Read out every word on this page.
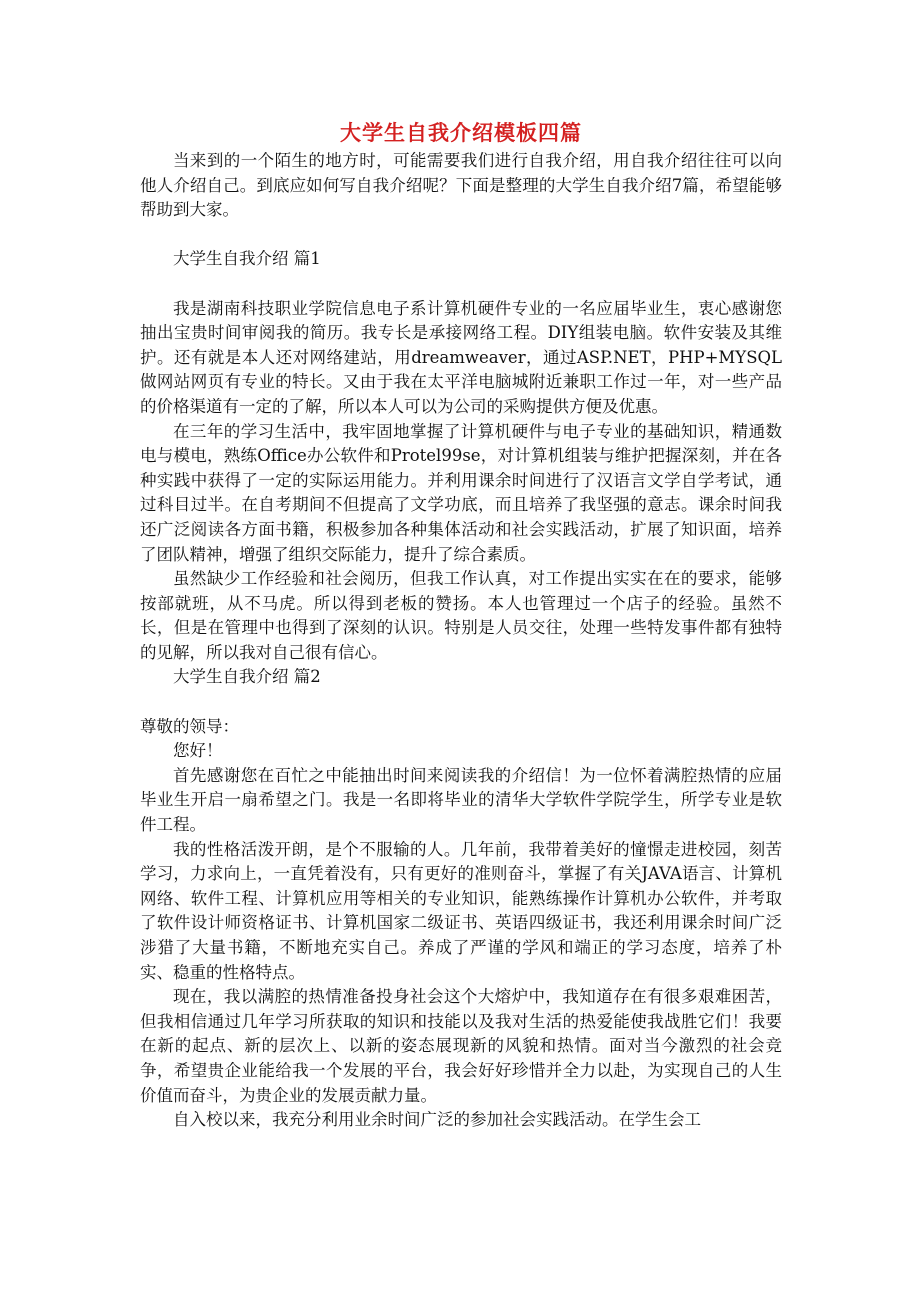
大学生自我介绍模板四篇

当来到的一个陌生的地方时，可能需要我们进行自我介绍，用自我介绍往往可以向他人介绍自己。到底应如何写自我介绍呢？下面是整理的大学生自我介绍7篇，希望能够帮助到大家。

大学生自我介绍 篇1

我是湖南科技职业学院信息电子系计算机硬件专业的一名应届毕业生，衷心感谢您抽出宝贵时间审阅我的简历。我专长是承接网络工程。DIY组装电脑。软件安装及其维护。还有就是本人还对网络建站，用dreamweaver，通过ASP.NET，PHP+MYSQL做网站网页有专业的特长。又由于我在太平洋电脑城附近兼职工作过一年，对一些产品的价格渠道有一定的了解，所以本人可以为公司的采购提供方便及优惠。

在三年的学习生活中，我牢固地掌握了计算机硬件与电子专业的基础知识，精通数电与模电，熟练Office办公软件和Protel99se，对计算机组装与维护把握深刻，并在各种实践中获得了一定的实际运用能力。并利用课余时间进行了汉语言文学自学考试，通过科目过半。在自考期间不但提高了文学功底，而且培养了我坚强的意志。课余时间我还广泛阅读各方面书籍，积极参加各种集体活动和社会实践活动，扩展了知识面，培养了团队精神，增强了组织交际能力，提升了综合素质。

虽然缺少工作经验和社会阅历，但我工作认真，对工作提出实实在在的要求，能够按部就班，从不马虎。所以得到老板的赞扬。本人也管理过一个店子的经验。虽然不长，但是在管理中也得到了深刻的认识。特别是人员交往，处理一些特发事件都有独特的见解，所以我对自己很有信心。

大学生自我介绍 篇2

尊敬的领导：

您好！

首先感谢您在百忙之中能抽出时间来阅读我的介绍信！为一位怀着满腔热情的应届毕业生开启一扇希望之门。我是一名即将毕业的清华大学软件学院学生，所学专业是软件工程。

我的性格活泼开朗，是个不服输的人。几年前，我带着美好的憧憬走进校园，刻苦学习，力求向上，一直凭着没有，只有更好的准则奋斗，掌握了有关JAVA语言、计算机网络、软件工程、计算机应用等相关的专业知识，能熟练操作计算机办公软件，并考取了软件设计师资格证书、计算机国家二级证书、英语四级证书，我还利用课余时间广泛涉猎了大量书籍，不断地充实自己。养成了严谨的学风和端正的学习态度，培养了朴实、稳重的性格特点。

现在，我以满腔的热情准备投身社会这个大熔炉中，我知道存在有很多艰难困苦，但我相信通过几年学习所获取的知识和技能以及我对生活的热爱能使我战胜它们！我要在新的起点、新的层次上、以新的姿态展现新的风貌和热情。面对当今激烈的社会竞争，希望贵企业能给我一个发展的平台，我会好好珍惜并全力以赴，为实现自己的人生价值而奋斗，为贵企业的发展贡献力量。

自入校以来，我充分利用业余时间广泛的参加社会实践活动。在学生会工
